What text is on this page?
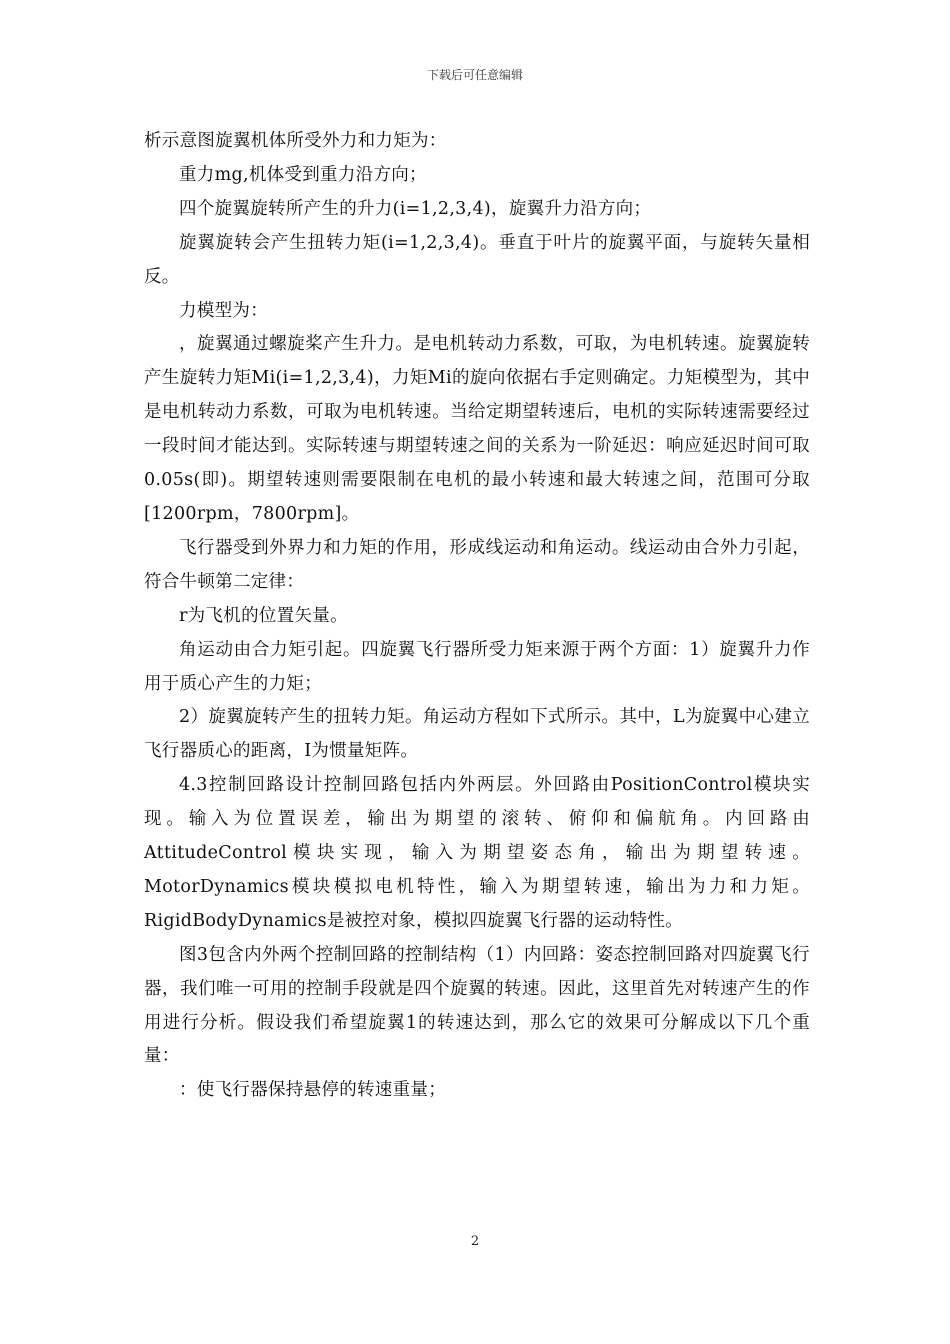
下载后可任意编辑

析示意图旋翼机体所受外力和力矩为：

重力mg,机体受到重力沿方向；

四个旋翼旋转所产生的升力(i=1,2,3,4)，旋翼升力沿方向；

旋翼旋转会产生扭转力矩(i=1,2,3,4)。垂直于叶片的旋翼平面，与旋转矢量相反。

力模型为：

，旋翼通过螺旋桨产生升力。是电机转动力系数，可取，为电机转速。旋翼旋转产生旋转力矩Mi(i=1,2,3,4)，力矩Mi的旋向依据右手定则确定。力矩模型为，其中是电机转动力系数，可取为电机转速。当给定期望转速后，电机的实际转速需要经过一段时间才能达到。实际转速与期望转速之间的关系为一阶延迟：响应延迟时间可取0.05s(即)。期望转速则需要限制在电机的最小转速和最大转速之间，范围可分取[1200rpm，7800rpm]。

飞行器受到外界力和力矩的作用，形成线运动和角运动。线运动由合外力引起，符合牛顿第二定律：

r为飞机的位置矢量。

角运动由合力矩引起。四旋翼飞行器所受力矩来源于两个方面：1）旋翼升力作用于质心产生的力矩；

2）旋翼旋转产生的扭转力矩。角运动方程如下式所示。其中，L为旋翼中心建立飞行器质心的距离，I为惯量矩阵。

4.3控制回路设计控制回路包括内外两层。外回路由PositionControl模块实现。输入为位置误差，输出为期望的滚转、俯仰和偏航角。内回路由AttitudeControl模块实现，输入为期望姿态角，输出为期望转速。MotorDynamics模块模拟电机特性，输入为期望转速，输出为力和力矩。RigidBodyDynamics是被控对象，模拟四旋翼飞行器的运动特性。

图3包含内外两个控制回路的控制结构（1）内回路：姿态控制回路对四旋翼飞行器，我们唯一可用的控制手段就是四个旋翼的转速。因此，这里首先对转速产生的作用进行分析。假设我们希望旋翼1的转速达到，那么它的效果可分解成以下几个重量：

：使飞行器保持悬停的转速重量；

2
